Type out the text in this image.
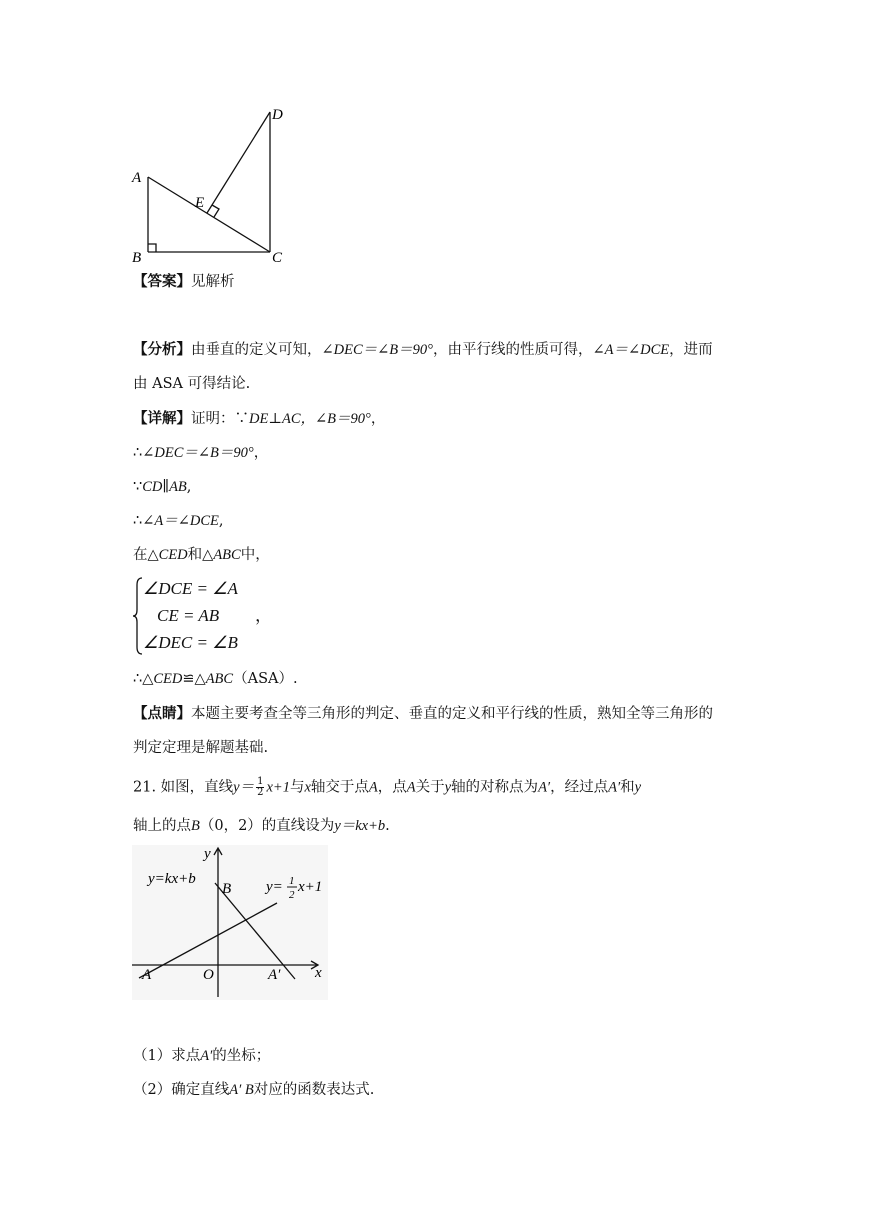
D
A
E
B	C
【答案】见解析
【分析】由垂直的定义可知，∠DEC＝∠B＝90°，由平行线的性质可得，∠A＝∠DCE，进而
由 ASA 可得结论.
【详解】证明：∵DE⊥AC，∠B＝90°，
∴∠DEC＝∠B＝90°，
∵CD∥AB,
∴∠A＝∠DCE,
在△CED和△ABC中，
∠DCE = ∠A
CE = AB ，
∠DEC = ∠B
∴△CED≌△ABC（ASA）.
【点睛】本题主要考查全等三角形的判定、垂直的定义和平行线的性质，熟知全等三角形的
判定定理是解题基础.
21. 如图，直线$y= \frac{1}{2} x+1$与x轴交于点A，点A关于y轴的对称点为A′，经过点A′和y
轴上的点B（0，2）的直线设为y＝kx+b.
y
x
y=kx+b
B
A	O	A′
y= 1
2 x+1
（1）求点A′的坐标；
（2）确定直线A′ B对应的函数表达式.
